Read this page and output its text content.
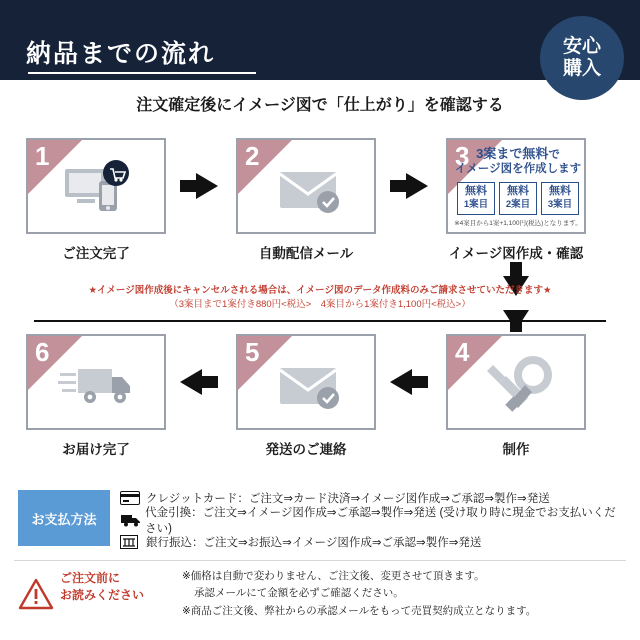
納品までの流れ	安心
購入
注文確定後にイメージ図で「仕上がり」を確認する
1
ご注文完了
2
自動配信メール
3 3案まで無料で
イメージ図を作成します
無料
1案目
無料
2案目
無料
3案目
※4案目から1案+1,100円(税込)となります。
イメージ図作成・確認
★イメージ図作成後にキャンセルされる場合は、イメージ図のデータ作成料のみご請求させていただきます★
（3案目まで1案付き880円<税込>　4案目から1案付き1,100円<税込>）
6
お届け完了
5
発送のご連絡
4
制作
お支払方法
クレジットカード：ご注文⇒カード決済⇒イメージ図作成⇒ご承認⇒製作⇒発送
代金引換：ご注文⇒イメージ図作成⇒ご承認⇒製作⇒発送 (受け取り時に現金でお支払いください)
銀行振込：ご注文⇒お振込⇒イメージ図作成⇒ご承認⇒製作⇒発送
ご注文前に
お読みください
※価格は自動で変わりません、ご注文後、変更させて頂きます。
承認メールにて金額を必ずご確認ください。
※商品ご注文後、弊社からの承認メールをもって売買契約成立となります。
